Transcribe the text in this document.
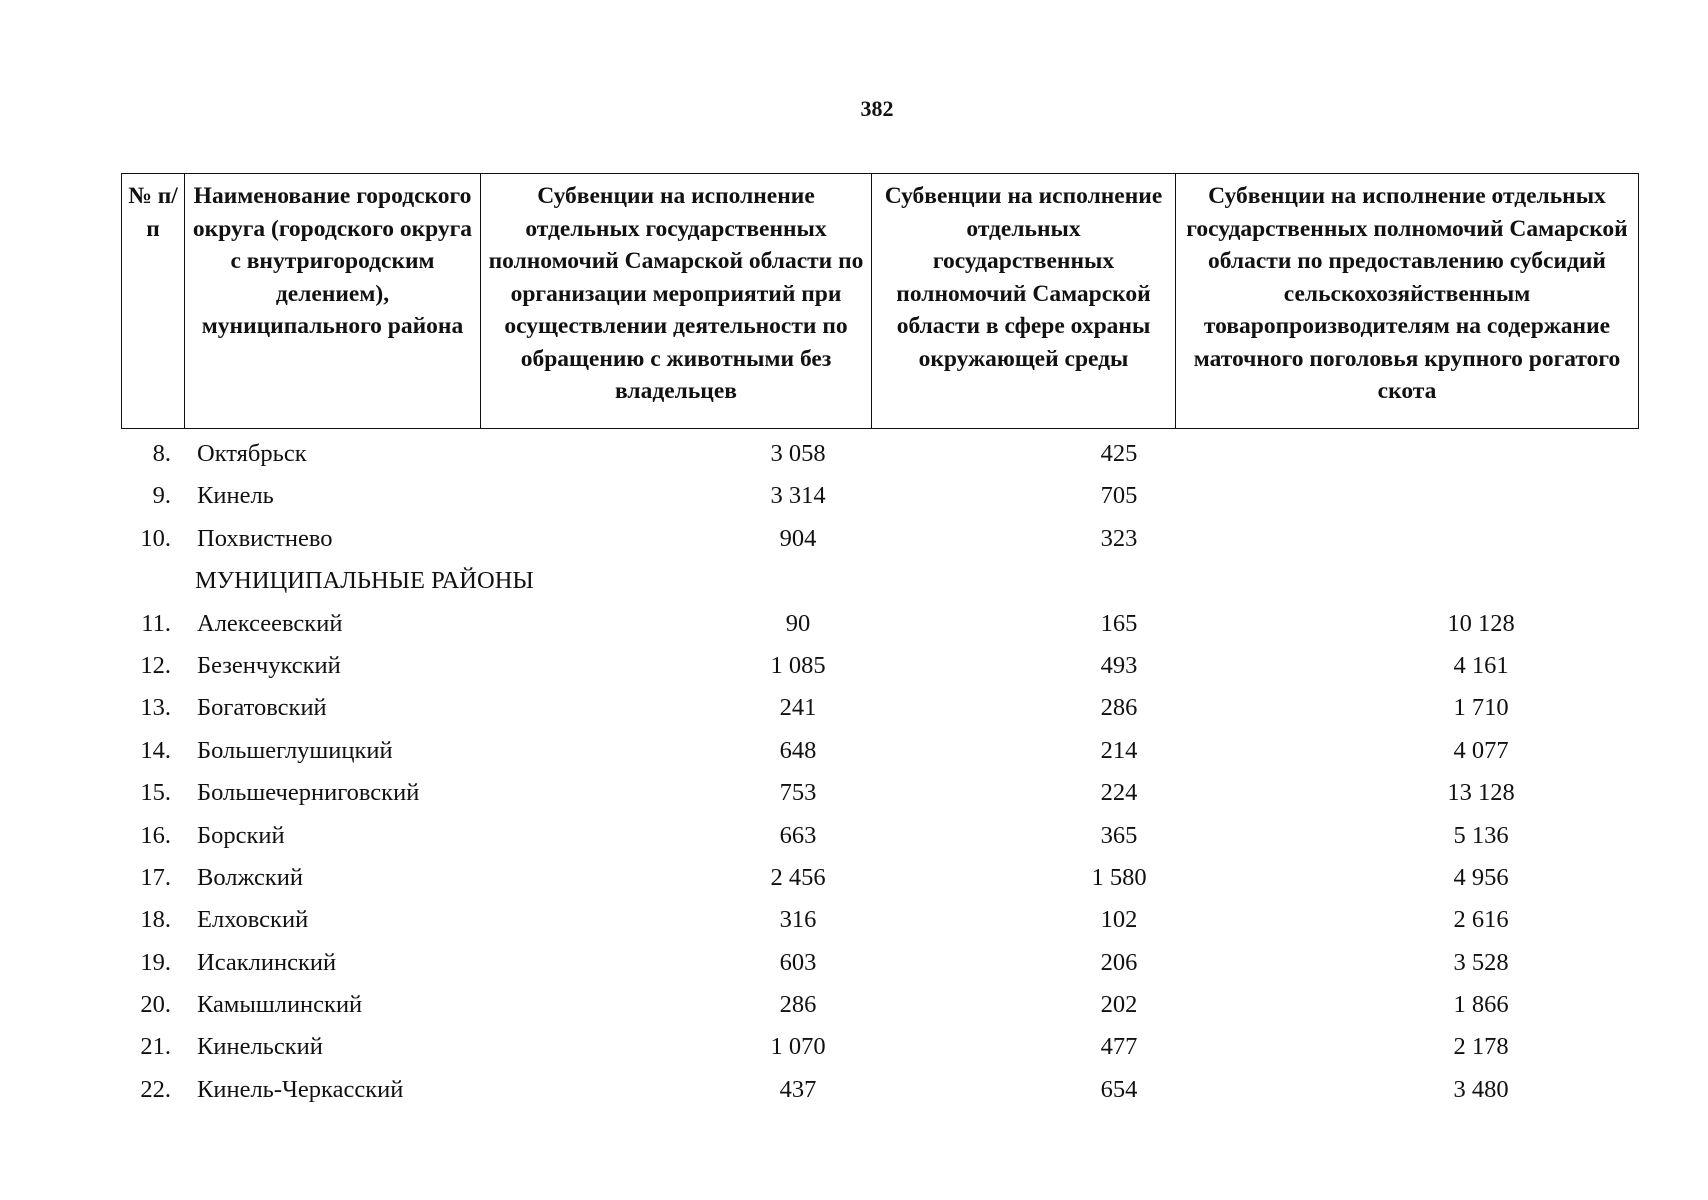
382
№ п/п	Наименование городского округа (городского округа с внутригородским делением), муниципального района	Субвенции на исполнение отдельных государственных полномочий Самарской области по организации мероприятий при осуществлении деятельности по обращению с животными без владельцев	Субвенции на исполнение отдельных государственных полномочий Самарской области в сфере охраны окружающей среды	Субвенции на исполнение отдельных государственных полномочий Самарской области по предоставлению субсидий сельскохозяйственным товаропроизводителям на содержание маточного поголовья крупного рогатого скота
8. Октябрьск	3 058	425
9. Кинель	3 314	705
10. Похвистнево	904	323
МУНИЦИПАЛЬНЫЕ РАЙОНЫ
11. Алексеевский	90	165	10 128
12. Безенчукский	1 085	493	4 161
13. Богатовский	241	286	1 710
14. Большеглушицкий	648	214	4 077
15. Большечерниговский	753	224	13 128
16. Борский	663	365	5 136
17. Волжский	2 456	1 580	4 956
18. Елховский	316	102	2 616
19. Исаклинский	603	206	3 528
20. Камышлинский	286	202	1 866
21. Кинельский	1 070	477	2 178
22. Кинель-Черкасский	437	654	3 480
